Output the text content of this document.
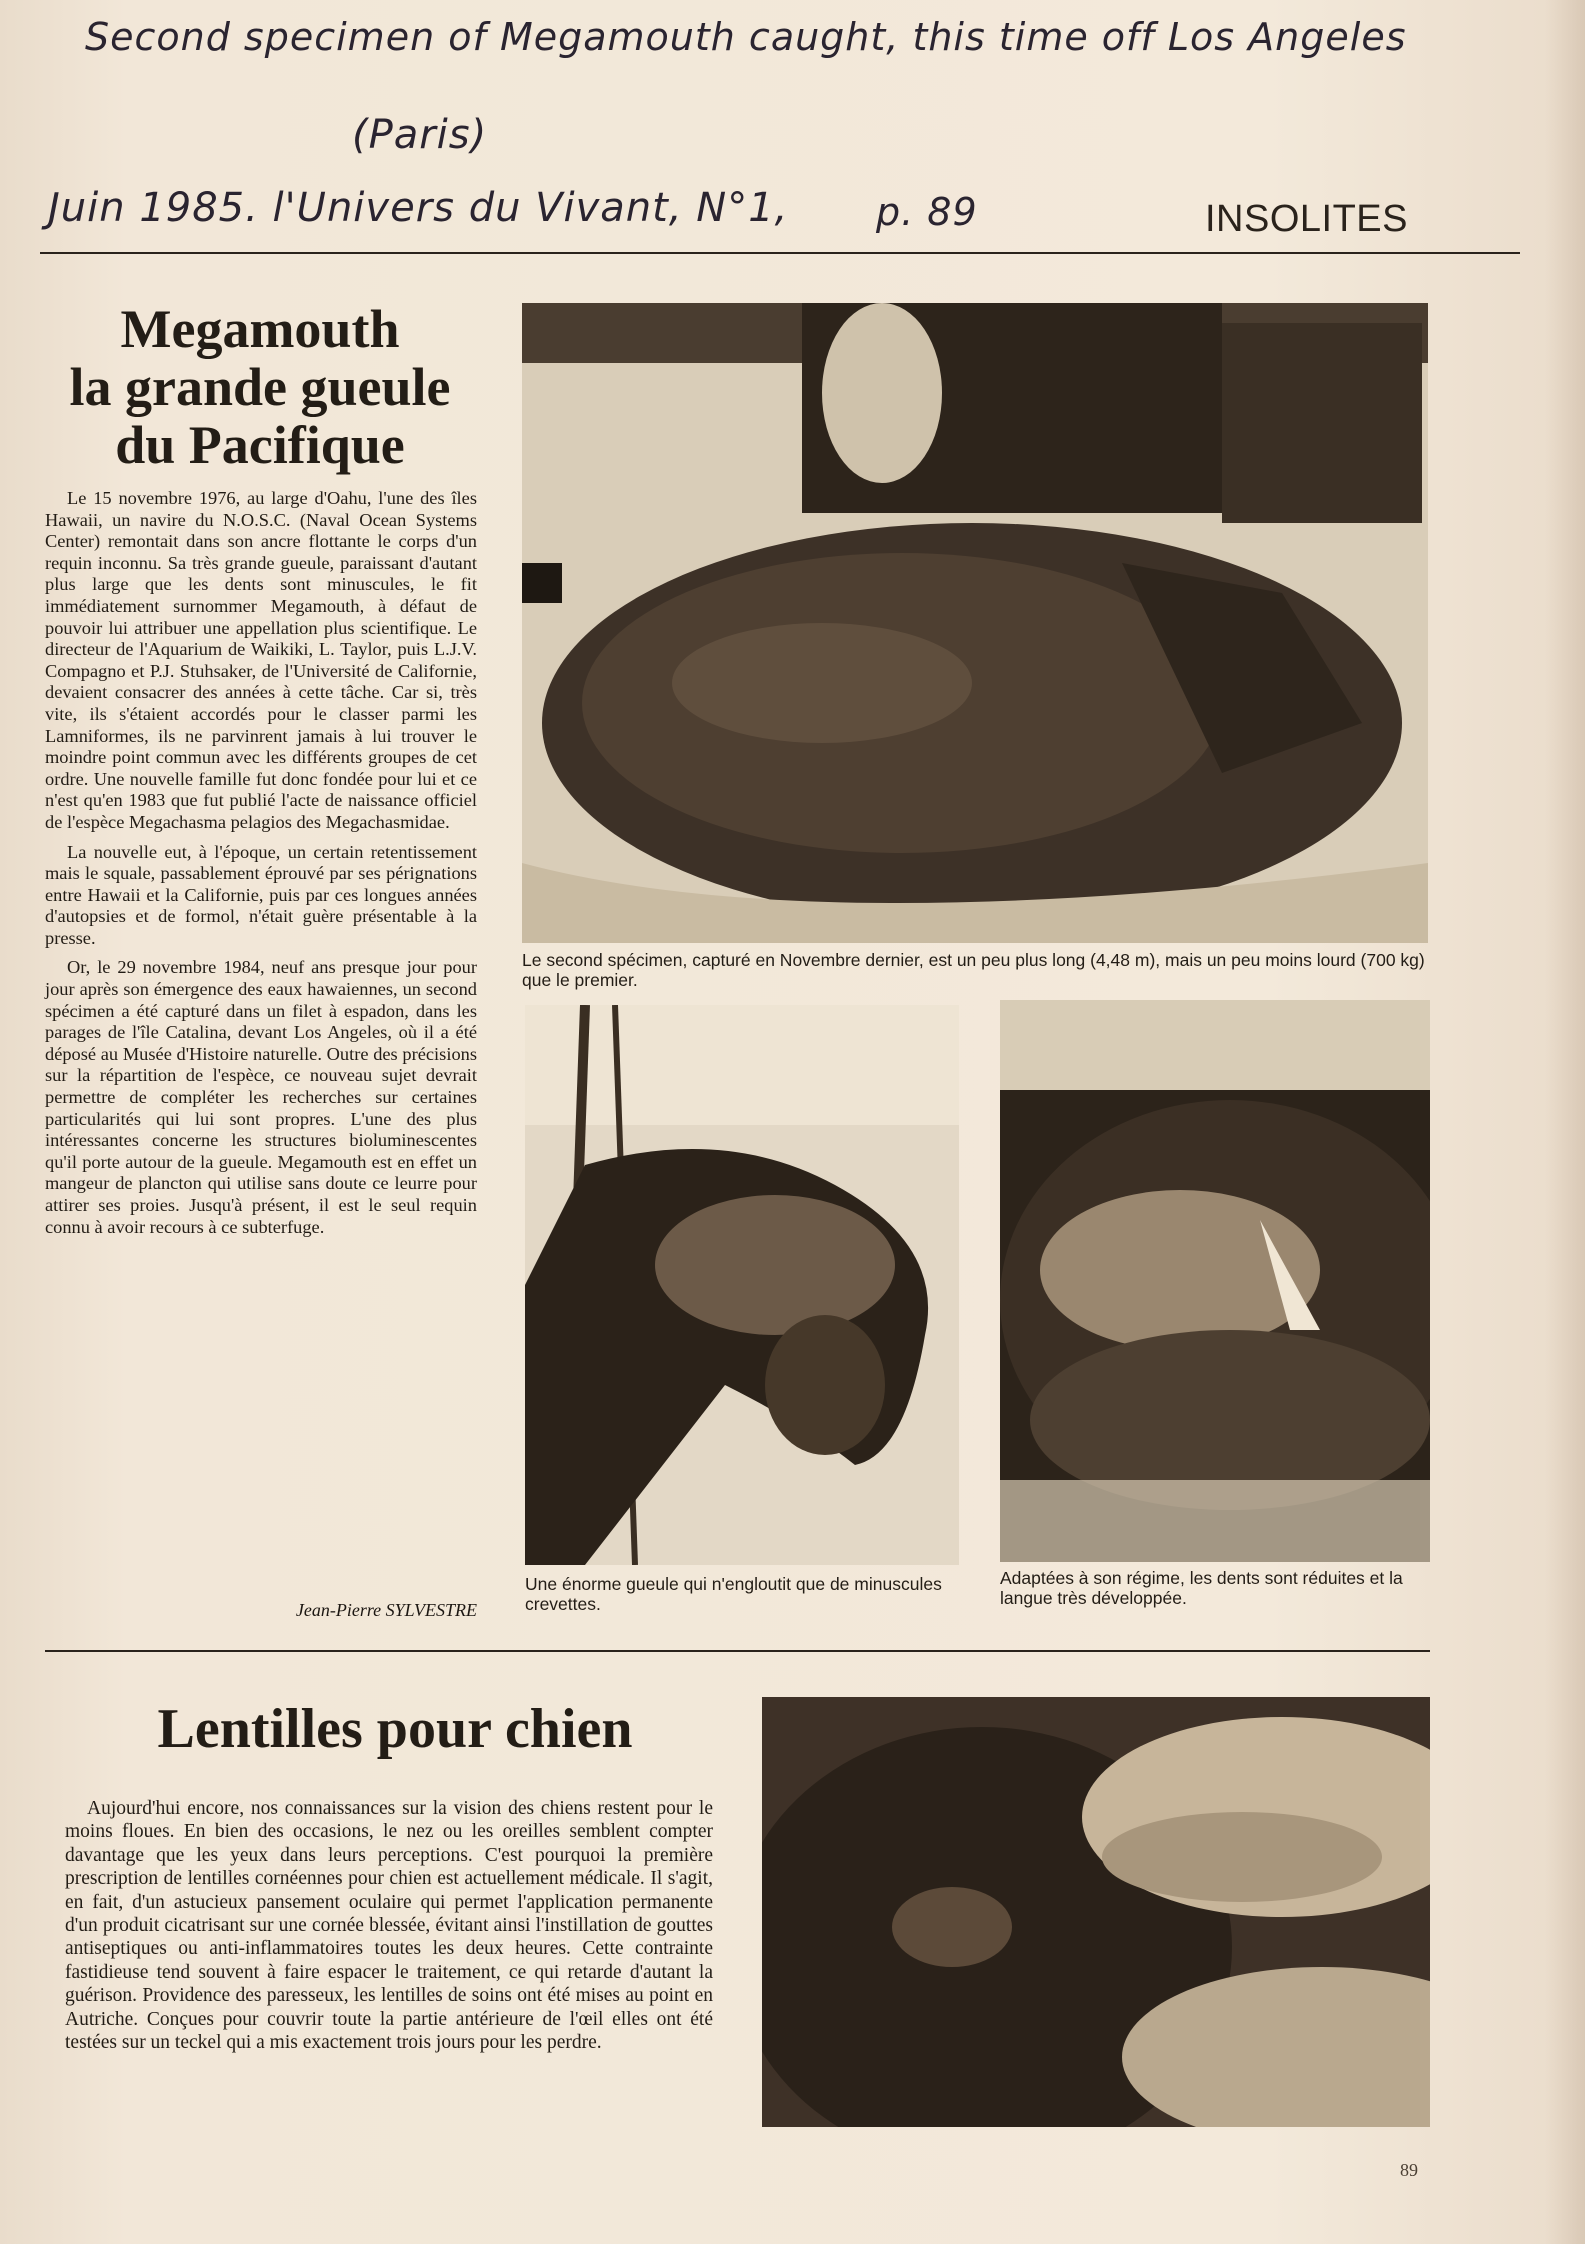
Second specimen of Megamouth caught, this time off Los Angeles
(Paris)
Juin 1985. l'Univers du Vivant, N°1, p. 89	INSOLITES
Megamouth
la grande gueule
du Pacifique

Le 15 novembre 1976, au large d'Oahu, l'une des îles Hawaii, un navire du N.O.S.C. (Naval Ocean Systems Center) remontait dans son ancre flottante le corps d'un requin inconnu. Sa très grande gueule, paraissant d'autant plus large que les dents sont minuscules, le fit immédiatement surnommer Megamouth, à défaut de pouvoir lui attribuer une appellation plus scientifique. Le directeur de l'Aquarium de Waikiki, L. Taylor, puis L.J.V. Compagno et P.J. Stuhsaker, de l'Université de Californie, devaient consacrer des années à cette tâche. Car si, très vite, ils s'étaient accordés pour le classer parmi les Lamniformes, ils ne parvinrent jamais à lui trouver le moindre point commun avec les différents groupes de cet ordre. Une nouvelle famille fut donc fondée pour lui et ce n'est qu'en 1983 que fut publié l'acte de naissance officiel de l'espèce Megachasma pelagios des Megachasmidae.

La nouvelle eut, à l'époque, un certain retentissement mais le squale, passablement éprouvé par ses pérignations entre Hawaii et la Californie, puis par ces longues années d'autopsies et de formol, n'était guère présentable à la presse.

Or, le 29 novembre 1984, neuf ans presque jour pour jour après son émergence des eaux hawaiennes, un second spécimen a été capturé dans un filet à espadon, dans les parages de l'île Catalina, devant Los Angeles, où il a été déposé au Musée d'Histoire naturelle. Outre des précisions sur la répartition de l'espèce, ce nouveau sujet devrait permettre de compléter les recherches sur certaines particularités qui lui sont propres. L'une des plus intéressantes concerne les structures bioluminescentes qu'il porte autour de la gueule. Megamouth est en effet un mangeur de plancton qui utilise sans doute ce leurre pour attirer ses proies. Jusqu'à présent, il est le seul requin connu à avoir recours à ce subterfuge.

Jean-Pierre SYLVESTRE
Le second spécimen, capturé en Novembre dernier, est un peu plus long (4,48 m), mais un peu moins lourd (700 kg) que le premier.
Une énorme gueule qui n'engloutit que de minuscules crevettes.
Adaptées à son régime, les dents sont réduites et la langue très développée.
Lentilles pour chien

Aujourd'hui encore, nos connaissances sur la vision des chiens restent pour le moins floues. En bien des occasions, le nez ou les oreilles semblent compter davantage que les yeux dans leurs perceptions. C'est pourquoi la première prescription de lentilles cornéennes pour chien est actuellement médicale. Il s'agit, en fait, d'un astucieux pansement oculaire qui permet l'application permanente d'un produit cicatrisant sur une cornée blessée, évitant ainsi l'instillation de gouttes antiseptiques ou anti-inflammatoires toutes les deux heures. Cette contrainte fastidieuse tend souvent à faire espacer le traitement, ce qui retarde d'autant la guérison. Providence des paresseux, les lentilles de soins ont été mises au point en Autriche. Conçues pour couvrir toute la partie antérieure de l'œil elles ont été testées sur un teckel qui a mis exactement trois jours pour les perdre.

89
